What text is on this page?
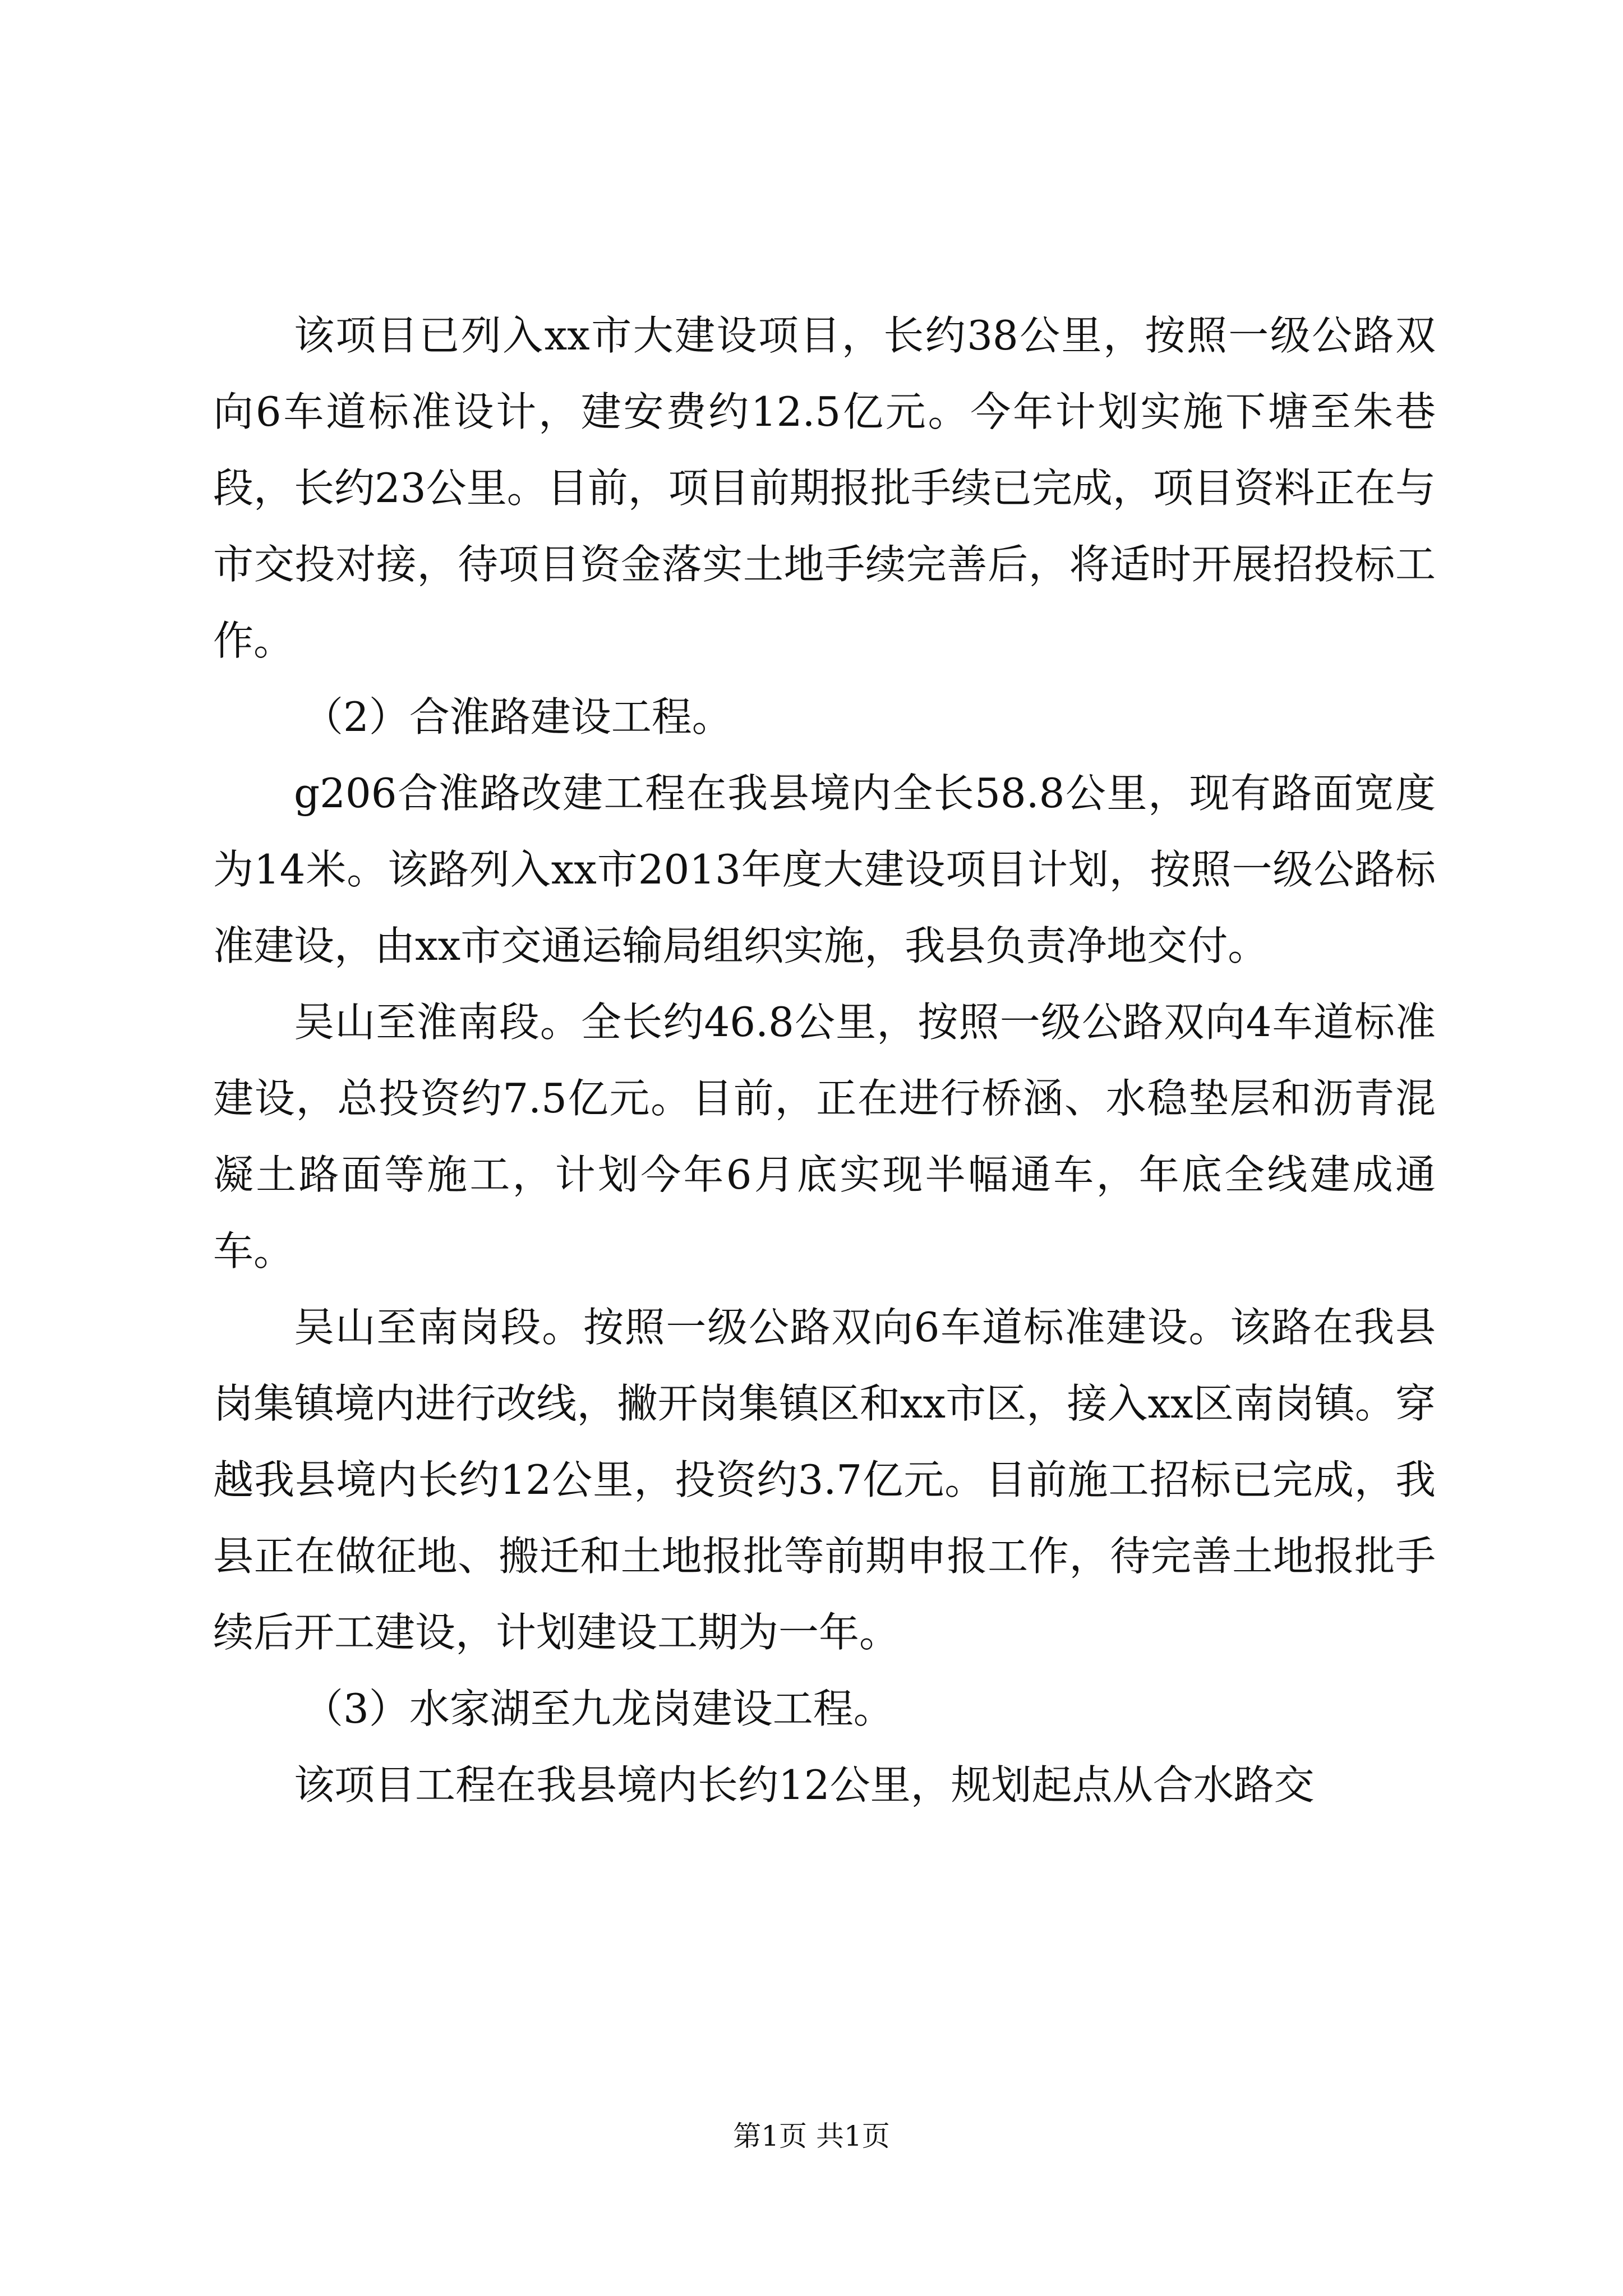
该项目已列入xx市大建设项目，长约38公里，按照一级公路双向6车道标准设计，建安费约12.5亿元。今年计划实施下塘至朱巷段，长约23公里。目前，项目前期报批手续已完成，项目资料正在与市交投对接，待项目资金落实土地手续完善后，将适时开展招投标工作。

（2）合淮路建设工程。

g206合淮路改建工程在我县境内全长58.8公里，现有路面宽度为14米。该路列入xx市2013年度大建设项目计划，按照一级公路标准建设，由xx市交通运输局组织实施，我县负责净地交付。

吴山至淮南段。全长约46.8公里，按照一级公路双向4车道标准建设，总投资约7.5亿元。目前，正在进行桥涵、水稳垫层和沥青混凝土路面等施工，计划今年6月底实现半幅通车，年底全线建成通车。

吴山至南岗段。按照一级公路双向6车道标准建设。该路在我县岗集镇境内进行改线，撇开岗集镇区和xx市区，接入xx区南岗镇。穿越我县境内长约12公里，投资约3.7亿元。目前施工招标已完成，我县正在做征地、搬迁和土地报批等前期申报工作，待完善土地报批手续后开工建设，计划建设工期为一年。

（3）水家湖至九龙岗建设工程。

该项目工程在我县境内长约12公里，规划起点从合水路交

第1页 共1页
